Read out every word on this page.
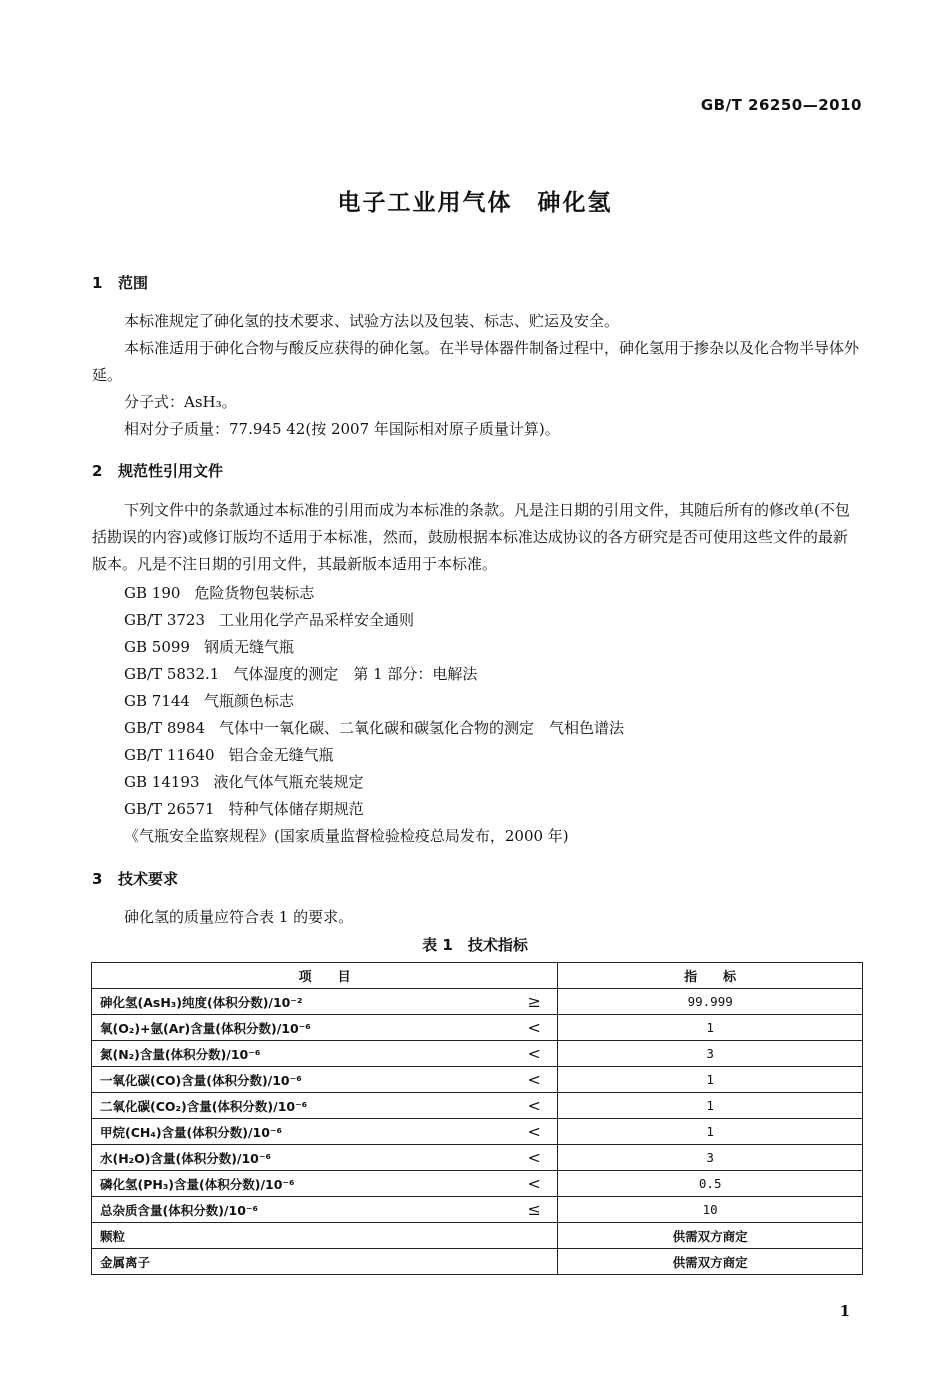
GB/T 26250—2010
电子工业用气体　砷化氢
1 范围
本标准规定了砷化氢的技术要求、试验方法以及包装、标志、贮运及安全。
本标准适用于砷化合物与酸反应获得的砷化氢。在半导体器件制备过程中，砷化氢用于掺杂以及化合物半导体外延。
分子式：AsH₃。
相对分子质量：77.945 42(按 2007 年国际相对原子质量计算)。
2 规范性引用文件
下列文件中的条款通过本标准的引用而成为本标准的条款。凡是注日期的引用文件，其随后所有的修改单(不包括勘误的内容)或修订版均不适用于本标准，然而，鼓励根据本标准达成协议的各方研究是否可使用这些文件的最新版本。凡是不注日期的引用文件，其最新版本适用于本标准。
GB 190 危险货物包装标志
GB/T 3723 工业用化学产品采样安全通则
GB 5099 钢质无缝气瓶
GB/T 5832.1 气体湿度的测定　第 1 部分：电解法
GB 7144 气瓶颜色标志
GB/T 8984 气体中一氧化碳、二氧化碳和碳氢化合物的测定　气相色谱法
GB/T 11640 铝合金无缝气瓶
GB 14193 液化气体气瓶充装规定
GB/T 26571 特种气体储存期规范
《气瓶安全监察规程》(国家质量监督检验检疫总局发布，2000 年)
3 技术要求
砷化氢的质量应符合表 1 的要求。
表 1　技术指标
项　　目		指　　标
砷化氢(AsH₃)纯度(体积分数)/10⁻²	≥	99.999
氧(O₂)+氩(Ar)含量(体积分数)/10⁻⁶	<	1
氮(N₂)含量(体积分数)/10⁻⁶	<	3
一氧化碳(CO)含量(体积分数)/10⁻⁶	<	1
二氧化碳(CO₂)含量(体积分数)/10⁻⁶	<	1
甲烷(CH₄)含量(体积分数)/10⁻⁶	<	1
水(H₂O)含量(体积分数)/10⁻⁶	<	3
磷化氢(PH₃)含量(体积分数)/10⁻⁶	<	0.5
总杂质含量(体积分数)/10⁻⁶	≤	10
颗粒		供需双方商定
金属离子		供需双方商定
1
